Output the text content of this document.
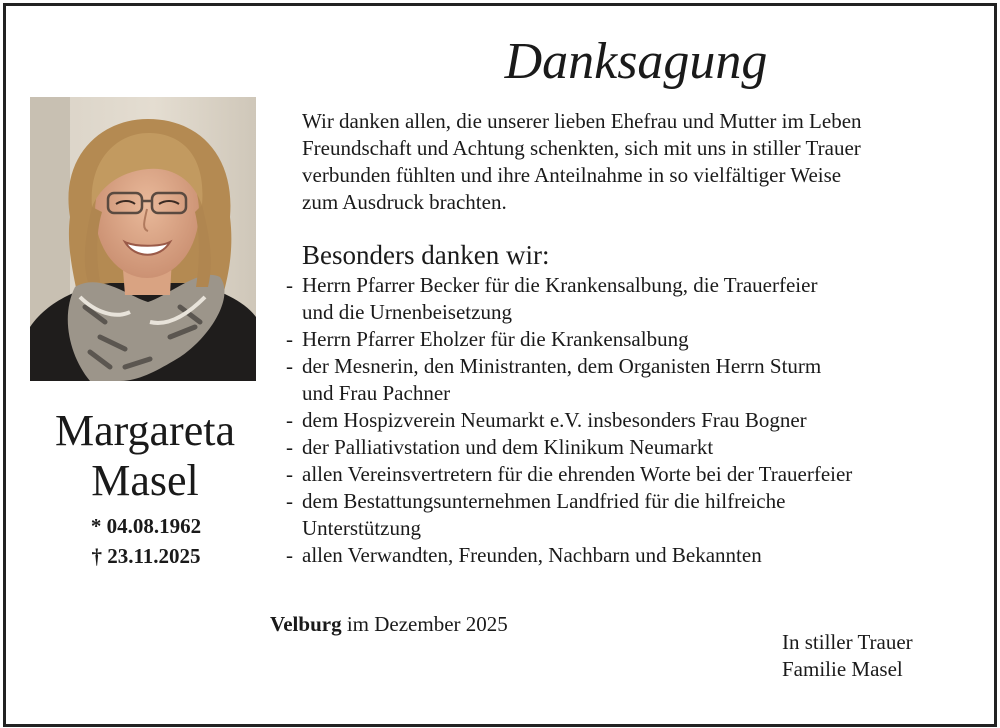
Danksagung
Margareta
Masel
* 04.08.1962
† 23.11.2025
Wir danken allen, die unserer lieben Ehefrau und Mutter im Leben
Freundschaft und Achtung schenkten, sich mit uns in stiller Trauer
verbunden fühlten und ihre Anteilnahme in so vielfältiger Weise
zum Ausdruck brachten.
Besonders danken wir:
- Herrn Pfarrer Becker für die Krankensalbung, die Trauerfeier
und die Urnenbeisetzung
- Herrn Pfarrer Eholzer für die Krankensalbung
- der Mesnerin, den Ministranten, dem Organisten Herrn Sturm
und Frau Pachner
- dem Hospizverein Neumarkt e.V. insbesonders Frau Bogner
- der Palliativstation und dem Klinikum Neumarkt
- allen Vereinsvertretern für die ehrenden Worte bei der Trauerfeier
- dem Bestattungsunternehmen Landfried für die hilfreiche
Unterstützung
- allen Verwandten, Freunden, Nachbarn und Bekannten
Velburg im Dezember 2025
In stiller Trauer
Familie Masel
